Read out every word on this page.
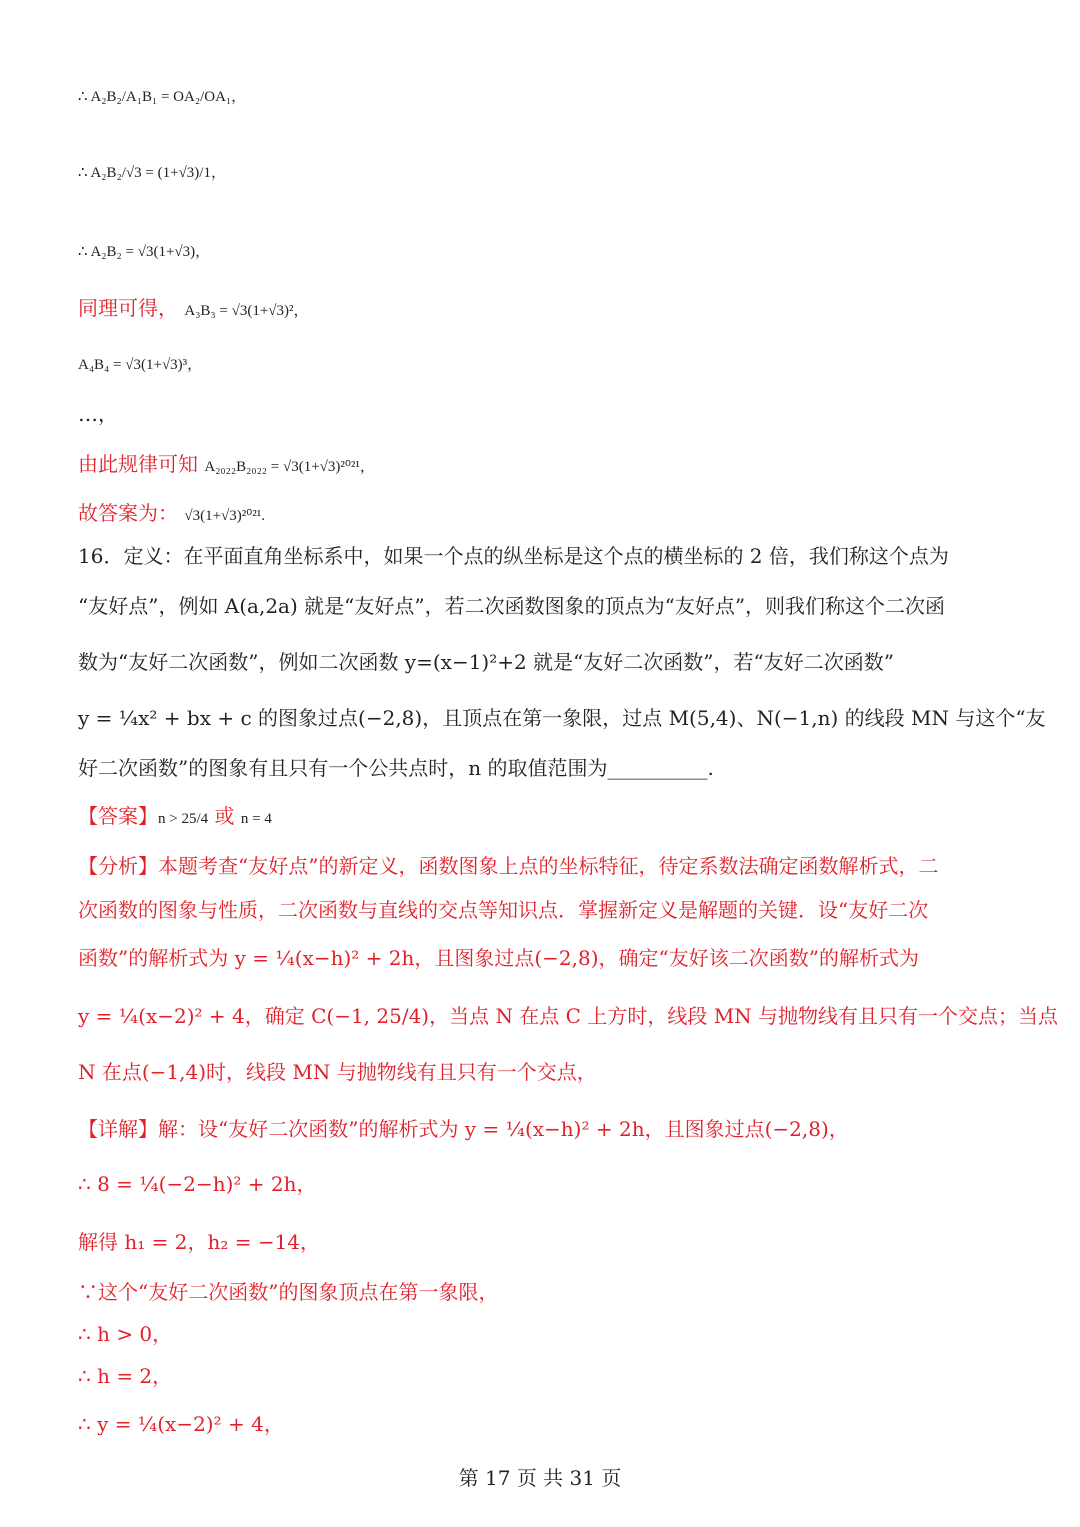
∴ A₂B₂/A₁B₁ = OA₂/OA₁，
∴ A₂B₂/√3 = (1+√3)/1，
∴ A₂B₂ = √3(1+√3)，
同理可得， A₃B₃ = √3(1+√3)²，
A₄B₄ = √3(1+√3)³，
…，
由此规律可知 A₂₀₂₂B₂₀₂₂ = √3(1+√3)²⁰²¹，
故答案为： √3(1+√3)²⁰²¹.
16．定义：在平面直角坐标系中，如果一个点的纵坐标是这个点的横坐标的 2 倍，我们称这个点为
“友好点”，例如 A(a,2a) 就是“友好点”，若二次函数图象的顶点为“友好点”，则我们称这个二次函
数为“友好二次函数”，例如二次函数 y=(x−1)²+2 就是“友好二次函数”，若“友好二次函数”
y = ¼x² + bx + c 的图象过点(−2,8)，且顶点在第一象限，过点 M(5,4)、N(−1,n) 的线段 MN 与这个“友
好二次函数”的图象有且只有一个公共点时，n 的取值范围为__________.
【答案】n > 25/4 或 n = 4
【分析】本题考查“友好点”的新定义，函数图象上点的坐标特征，待定系数法确定函数解析式，二
次函数的图象与性质，二次函数与直线的交点等知识点．掌握新定义是解题的关键．设“友好二次
函数”的解析式为 y = ¼(x−h)² + 2h，且图象过点(−2,8)，确定“友好该二次函数”的解析式为
y = ¼(x−2)² + 4，确定 C(−1, 25/4)，当点 N 在点 C 上方时，线段 MN 与抛物线有且只有一个交点；当点
N 在点(−1,4)时，线段 MN 与抛物线有且只有一个交点，
【详解】解：设“友好二次函数”的解析式为 y = ¼(x−h)² + 2h，且图象过点(−2,8)，
∴ 8 = ¼(−2−h)² + 2h，
解得 h₁ = 2，h₂ = −14，
∵这个“友好二次函数”的图象顶点在第一象限，
∴ h > 0，
∴ h = 2，
∴ y = ¼(x−2)² + 4，
第 17 页 共 31 页
